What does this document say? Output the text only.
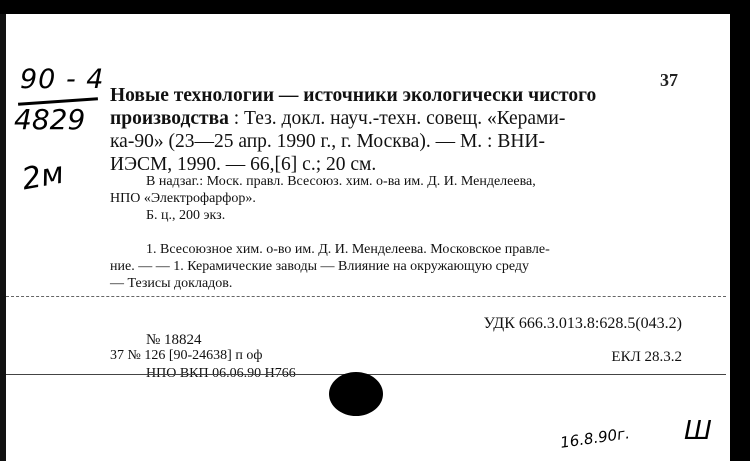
90 - 4
4829
2м
37
Новые технологии — источники экологически чистого
производства : Тез. докл. науч.-техн. совещ. «Керами-
ка-90» (23—25 апр. 1990 г., г. Москва). — М. : ВНИ-
ИЭСМ, 1990. — 66,[6] с.; 20 см.
В надзаг.: Моск. правл. Всесоюз. хим. о-ва им. Д. И. Менделеева,
НПО «Электрофарфор».
Б. ц., 200 экз.
1. Всесоюзное хим. о-во им. Д. И. Менделеева. Московское правле-
ние. — — 1. Керамические заводы — Влияние на окружающую среду
— Тезисы докладов.
УДК 666.3.013.8:628.5(043.2)
№ 18824
37 № 126 [90-24638] п оф	ЕКЛ 28.3.2
НПО ВКП 06.06.90 Н766
16.8.90г. Ш
